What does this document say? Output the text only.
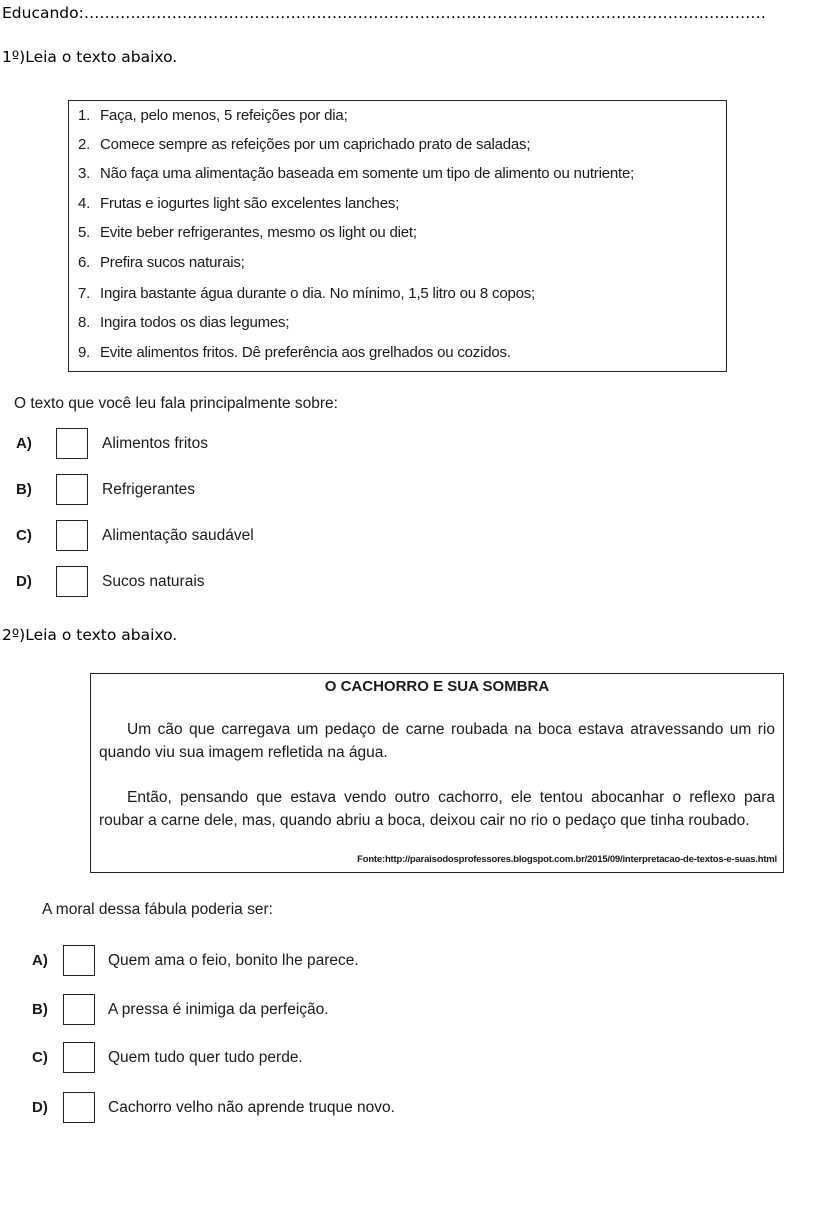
Educando:……………………………………………………………………………………………………………………
1º)Leia o texto abaixo.
1. Faça, pelo menos, 5 refeições por dia;
2. Comece sempre as refeições por um caprichado prato de saladas;
3. Não faça uma alimentação baseada em somente um tipo de alimento ou nutriente;
4. Frutas e iogurtes light são excelentes lanches;
5. Evite beber refrigerantes, mesmo os light ou diet;
6. Prefira sucos naturais;
7. Ingira bastante água durante o dia. No mínimo, 1,5 litro ou 8 copos;
8. Ingira todos os dias legumes;
9. Evite alimentos fritos. Dê preferência aos grelhados ou cozidos.
O texto que você leu fala principalmente sobre:
A)	Alimentos fritos
B)	Refrigerantes
C)	Alimentação saudável
D)	Sucos naturais
2º)Leia o texto abaixo.
O CACHORRO E SUA SOMBRA
Um cão que carregava um pedaço de carne roubada na boca estava atravessando um rio quando viu sua imagem refletida na água.
Então, pensando que estava vendo outro cachorro, ele tentou abocanhar o reflexo para roubar a carne dele, mas, quando abriu a boca, deixou cair no rio o pedaço que tinha roubado.
Fonte:http://paraisodosprofessores.blogspot.com.br/2015/09/interpretacao-de-textos-e-suas.html
A moral dessa fábula poderia ser:
A)	Quem ama o feio, bonito lhe parece.
B)	A pressa é inimiga da perfeição.
C)	Quem tudo quer tudo perde.
D)	Cachorro velho não aprende truque novo.
